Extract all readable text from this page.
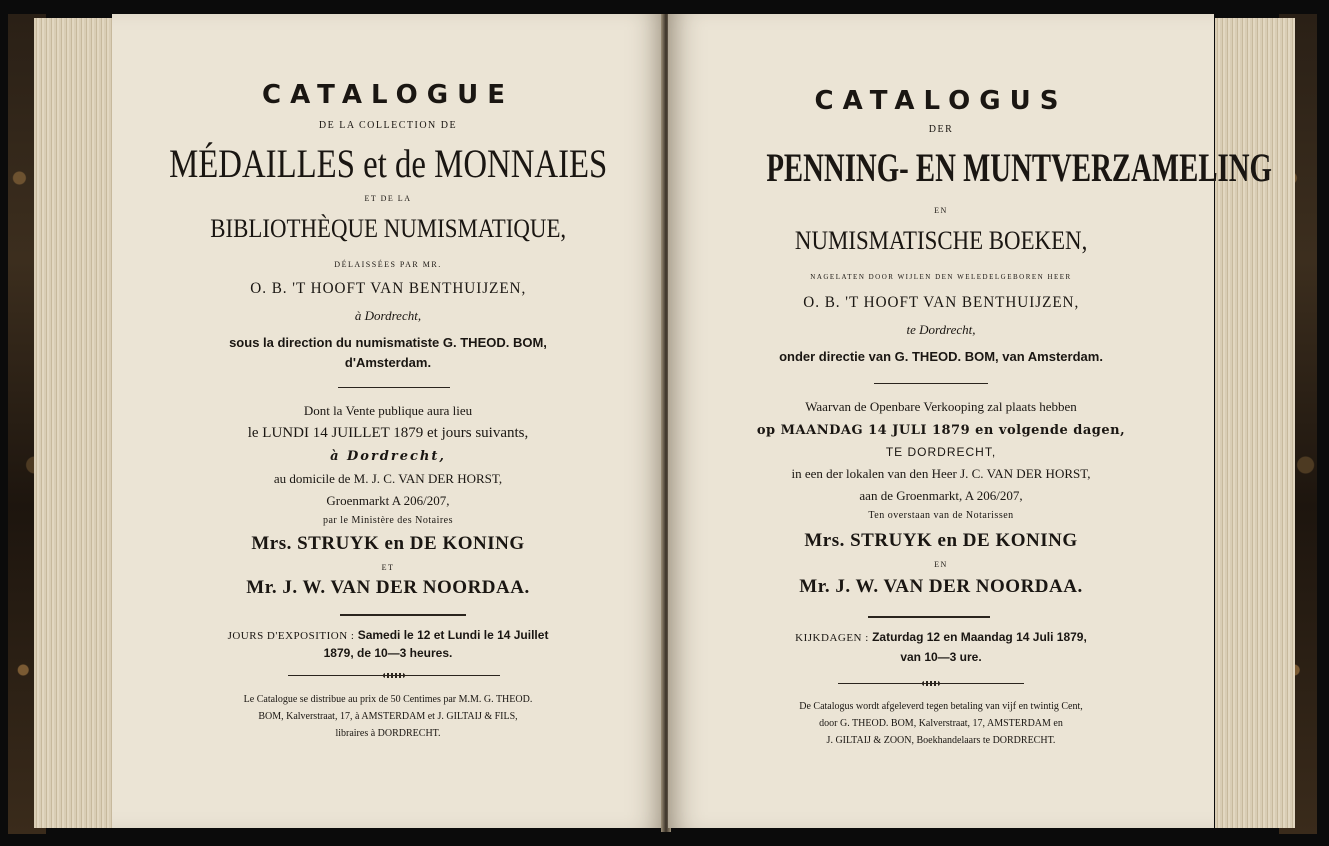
CATALOGUE
DE LA COLLECTION DE
MÉDAILLES et de MONNAIES
ET DE LA
BIBLIOTHÈQUE NUMISMATIQUE,
DÉLAISSÉES PAR MR.
O. B. 'T HOOFT VAN BENTHUIJZEN,
à Dordrecht,
sous la direction du numismatiste G. THEOD. BOM,
d'Amsterdam.
Dont la Vente publique aura lieu
le LUNDI 14 JUILLET 1879 et jours suivants,
à Dordrecht,
au domicile de M. J. C. VAN DER HORST,
Groenmarkt A 206/207,
par le Ministère des Notaires
Mrs. STRUYK en DE KONING
ET
Mr. J. W. VAN DER NOORDAA.
JOURS D'EXPOSITION : Samedi le 12 et Lundi le 14 Juillet
1879, de 10—3 heures.
Le Catalogue se distribue au prix de 50 Centimes par M.M. G. THEOD.
BOM, Kalverstraat, 17, à AMSTERDAM et J. GILTAIJ & FILS,
libraires à DORDRECHT.
CATALOGUS
DER
PENNING- EN MUNTVERZAMELING
EN
NUMISMATISCHE BOEKEN,
NAGELATEN DOOR WIJLEN DEN WELEDELGEBOREN HEER
O. B. 'T HOOFT VAN BENTHUIJZEN,
te Dordrecht,
onder directie van G. THEOD. BOM, van Amsterdam.
Waarvan de Openbare Verkooping zal plaats hebben
op MAANDAG 14 JULI 1879 en volgende dagen,
TE DORDRECHT,
in een der lokalen van den Heer J. C. VAN DER HORST,
aan de Groenmarkt, A 206/207,
Ten overstaan van de Notarissen
Mrs. STRUYK en DE KONING
EN
Mr. J. W. VAN DER NOORDAA.
KIJKDAGEN : Zaturdag 12 en Maandag 14 Juli 1879,
van 10—3 ure.
De Catalogus wordt afgeleverd tegen betaling van vijf en twintig Cent,
door G. THEOD. BOM, Kalverstraat, 17, AMSTERDAM en
J. GILTAIJ & ZOON, Boekhandelaars te DORDRECHT.
